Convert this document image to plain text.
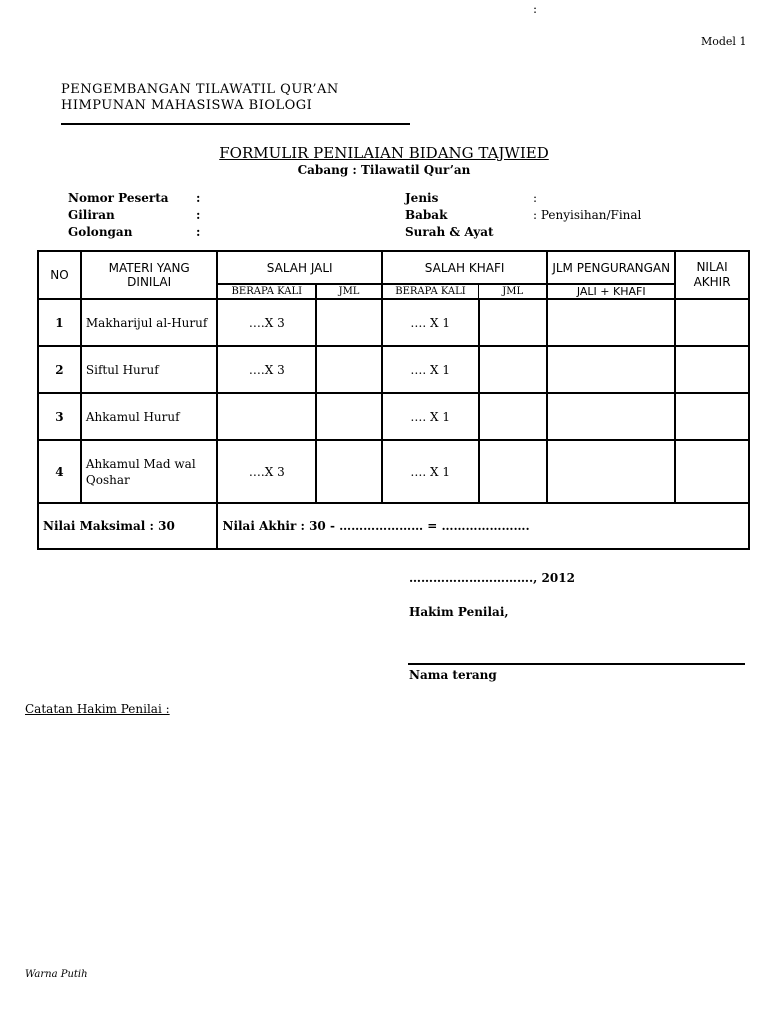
:
Model 1
PENGEMBANGAN TILAWATIL QUR’AN
HIMPUNAN MAHASISWA BIOLOGI
FORMULIR PENILAIAN BIDANG TAJWIED
Cabang : Tilawatil Qur’an
Nomor Peserta :
Giliran	:
Golongan	:
Jenis	:
Babak	: Penyisihan/Final
Surah & Ayat
NO	MATERI YANG DINILAI	SALAH JALI		SALAH KHAFI		JLM PENGURANGAN	NILAI AKHIR
		BERAPA KALI	JML	BERAPA KALI	JML	JALI + KHAFI	
1	Makharijul al-Huruf	….X 3		…. X 1			
2	Siftul Huruf	….X 3		…. X 1			
3	Ahkamul Huruf			…. X 1			
4	Ahkamul Mad wal Qoshar	….X 3		…. X 1			
Nilai Maksimal : 30		Nilai Akhir : 30 - ………………… = ………………….					
…………………………., 2012
Hakim Penilai,
Nama terang
Catatan Hakim Penilai :
Warna Putih
